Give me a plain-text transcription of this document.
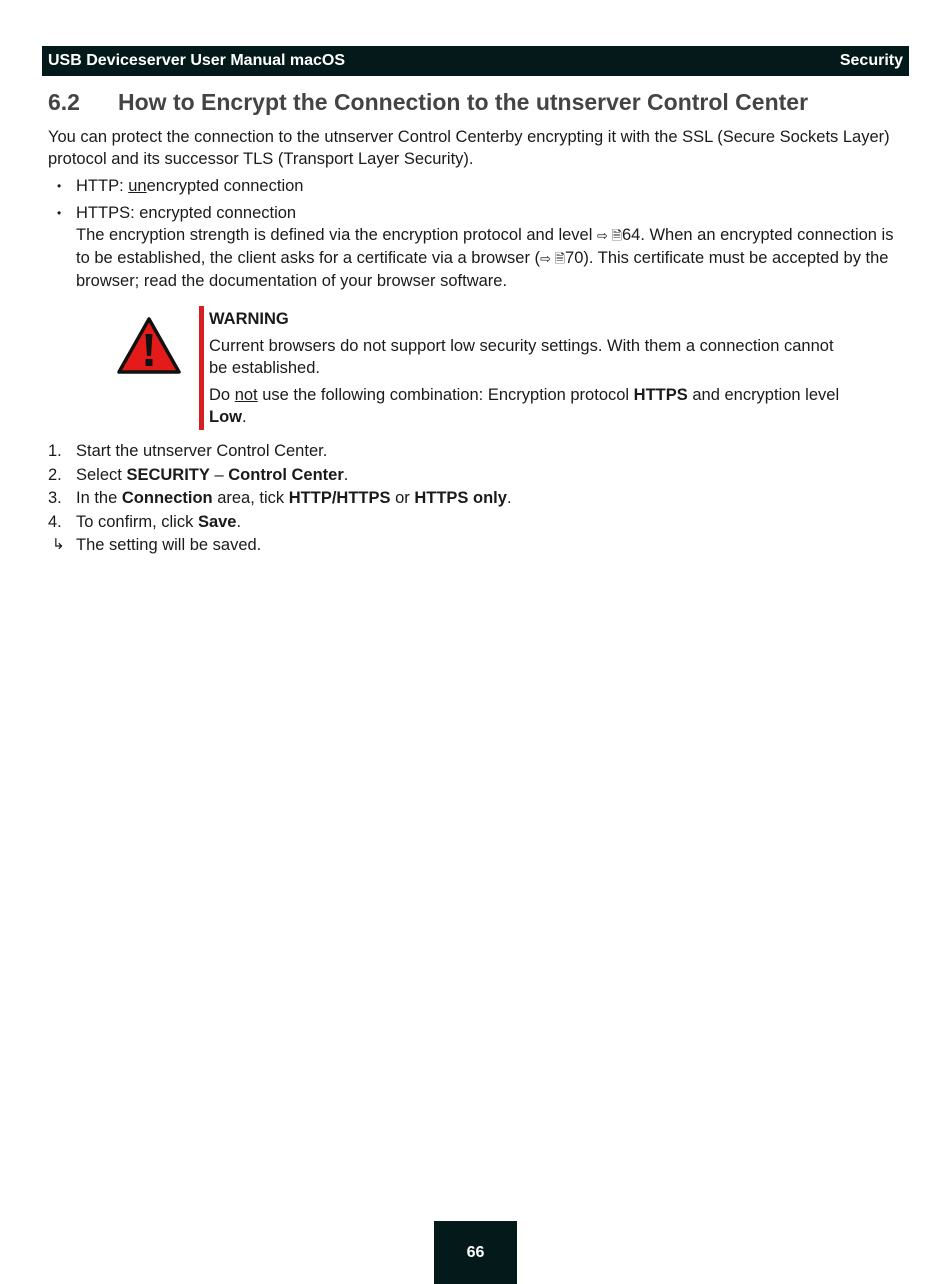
USB Deviceserver User Manual macOS	Security
6.2	How to Encrypt the Connection to the utnserver Control Center

You can protect the connection to the utnserver Control Centerby encrypting it with the SSL (Secure Sockets Layer) protocol and its successor TLS (Transport Layer Security).

• HTTP: unencrypted connection
• HTTPS: encrypted connection
The encryption strength is defined via the encryption protocol and level ⇨ 🗎64. When an encrypted connection is to be established, the client asks for a certificate via a browser (⇨ 🗎70). This certificate must be accepted by the browser; read the documentation of your browser software.
WARNING

Current browsers do not support low security settings. With them a connection cannot be established.

Do not use the following combination: Encryption protocol HTTPS and encryption level Low.

1. Start the utnserver Control Center.
2. Select SECURITY – Control Center.
3. In the Connection area, tick HTTP/HTTPS or HTTPS only.
4. To confirm, click Save.
↳ The setting will be saved.
66
